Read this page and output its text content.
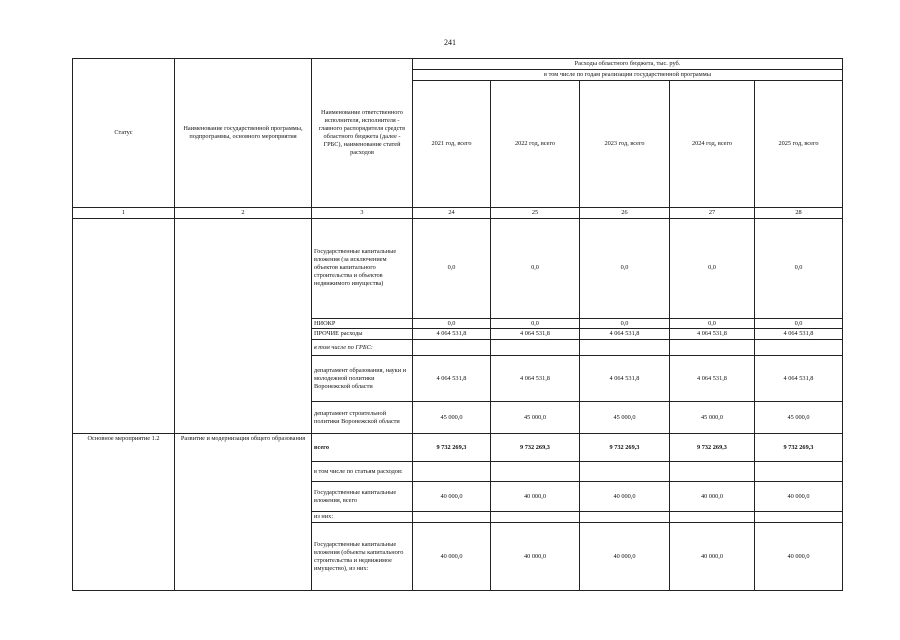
241
Статус	Наименование государственной программы, подпрограммы, основного мероприятия	Наименование ответственного исполнителя, исполнителя - главного распорядителя средств областного бюджета (далее - ГРБС), наименование статей расходов	Расходы областного бюджета, тыс. руб.				
			в том числе по годам реализации государственной программы				
			2021 год, всего	2022 год, всего	2023 год, всего	2024 год, всего	2025 год, всего
1	2	3	24	25	26	27	28
		Государственные капитальные вложения (за исключением объектов капитального строительства и объектов недвижимого имущества)	0,0	0,0	0,0	0,0	0,0
		НИОКР	0,0	0,0	0,0	0,0	0,0
		ПРОЧИЕ расходы	4 064 531,8	4 064 531,8	4 064 531,8	4 064 531,8	4 064 531,8
		в том числе по ГРБС:					
		департамент образования, науки и молодежной политики Воронежской области	4 064 531,8	4 064 531,8	4 064 531,8	4 064 531,8	4 064 531,8
		департамент строительной политики Воронежской области	45 000,0	45 000,0	45 000,0	45 000,0	45 000,0
Основное мероприятие 1.2	Развитие и модернизация общего образования	всего	9 732 269,3	9 732 269,3	9 732 269,3	9 732 269,3	9 732 269,3
		в том числе по статьям расходов:					
		Государственные капитальные вложения, всего	40 000,0	40 000,0	40 000,0	40 000,0	40 000,0
		из них:					
		Государственные капитальные вложения (объекты капитального строительства и недвижимое имущество), из них:	40 000,0	40 000,0	40 000,0	40 000,0	40 000,0
